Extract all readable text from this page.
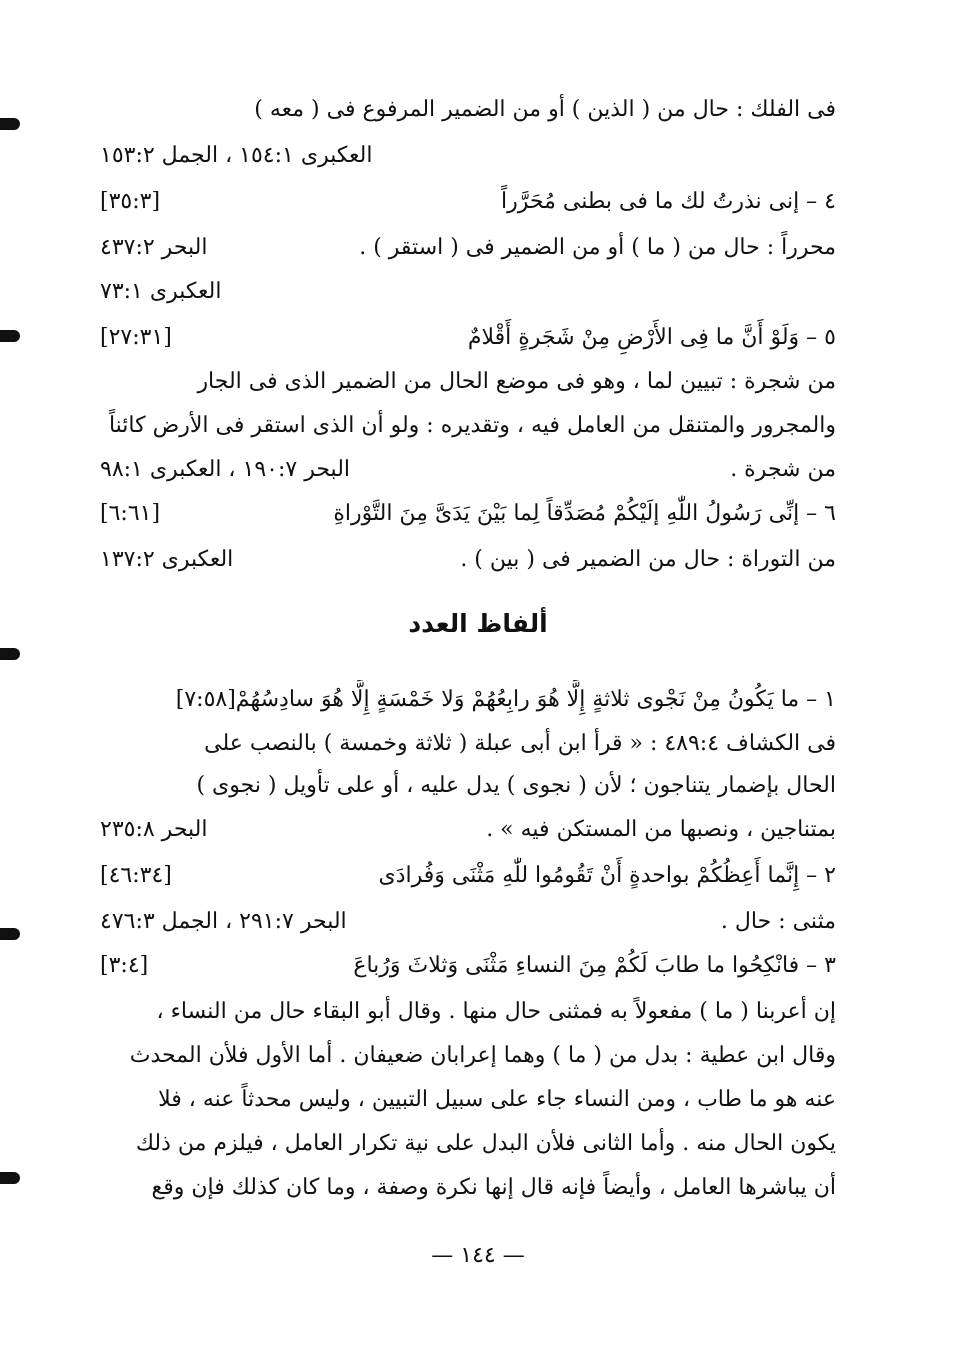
فى الفلك : حال من ( الذين ) أو من الضمير المرفوع فى ( معه )
العكبرى ١٥٤:١ ، الجمل ١٥٣:٢
٤ – إنى نذرتُ لك ما فى بطنى مُحَرَّراً
[٣٥:٣]
محرراً : حال من ( ما ) أو من الضمير فى ( استقر ) .
البحر ٤٣٧:٢
العكبرى ٧٣:١
٥ – وَلَوْ أَنَّ ما فِى الأَرْضِ مِنْ شَجَرةٍ أَقْلامٌ
[٢٧:٣١]
من شجرة : تبيين لما ، وهو فى موضع الحال من الضمير الذى فى الجار
والمجرور والمتنقل من العامل فيه ، وتقديره : ولو أن الذى استقر فى الأرض كائناً
من شجرة .
البحر ١٩٠:٧ ، العكبرى ٩٨:١
٦ – إنِّى رَسُولُ اللّٰهِ إلَيْكُمْ مُصَدِّقاً لِما بَيْنَ يَدَىَّ مِنَ التَّوْراةِ
[٦:٦١]
من التوراة : حال من الضمير فى ( بين ) .
العكبرى ١٣٧:٢
ألفاظ العدد
١ – ما يَكُونُ مِنْ نَجْوى ثلاثةٍ إِلَّا هُوَ رابِعُهُمْ وَلا خَمْسَةٍ إِلَّا هُوَ سادِسُهُمْ[٧:٥٨]
فى الكشاف ٤٨٩:٤ : « قرأ ابن أبى عبلة ( ثلاثة وخمسة ) بالنصب على
الحال بإضمار يتناجون ؛ لأن ( نجوى ) يدل عليه ، أو على تأويل ( نجوى )
بمتناجين ، ونصبها من المستكن فيه » .
البحر ٢٣٥:٨
٢ – إِنَّما أَعِظُكُمْ بواحدةٍ أَنْ تَقُومُوا للّٰهِ مَثْنَى وَفُرادَى
[٤٦:٣٤]
مثنى : حال .
البحر ٢٩١:٧ ، الجمل ٤٧٦:٣
٣ – فانْكِحُوا ما طابَ لَكُمْ مِنَ النساءِ مَثْنَى وَثلاثَ وَرُباعَ
[٣:٤]
إن أعربنا ( ما ) مفعولاً به فمثنى حال منها . وقال أبو البقاء حال من النساء ،
وقال ابن عطية : بدل من ( ما ) وهما إعرابان ضعيفان . أما الأول فلأن المحدث
عنه هو ما طاب ، ومن النساء جاء على سبيل التبيين ، وليس محدثاً عنه ، فلا
يكون الحال منه . وأما الثانى فلأن البدل على نية تكرار العامل ، فيلزم من ذلك
أن يباشرها العامل ، وأيضاً فإنه قال إنها نكرة وصفة ، وما كان كذلك فإن وقع
— ١٤٤ —
